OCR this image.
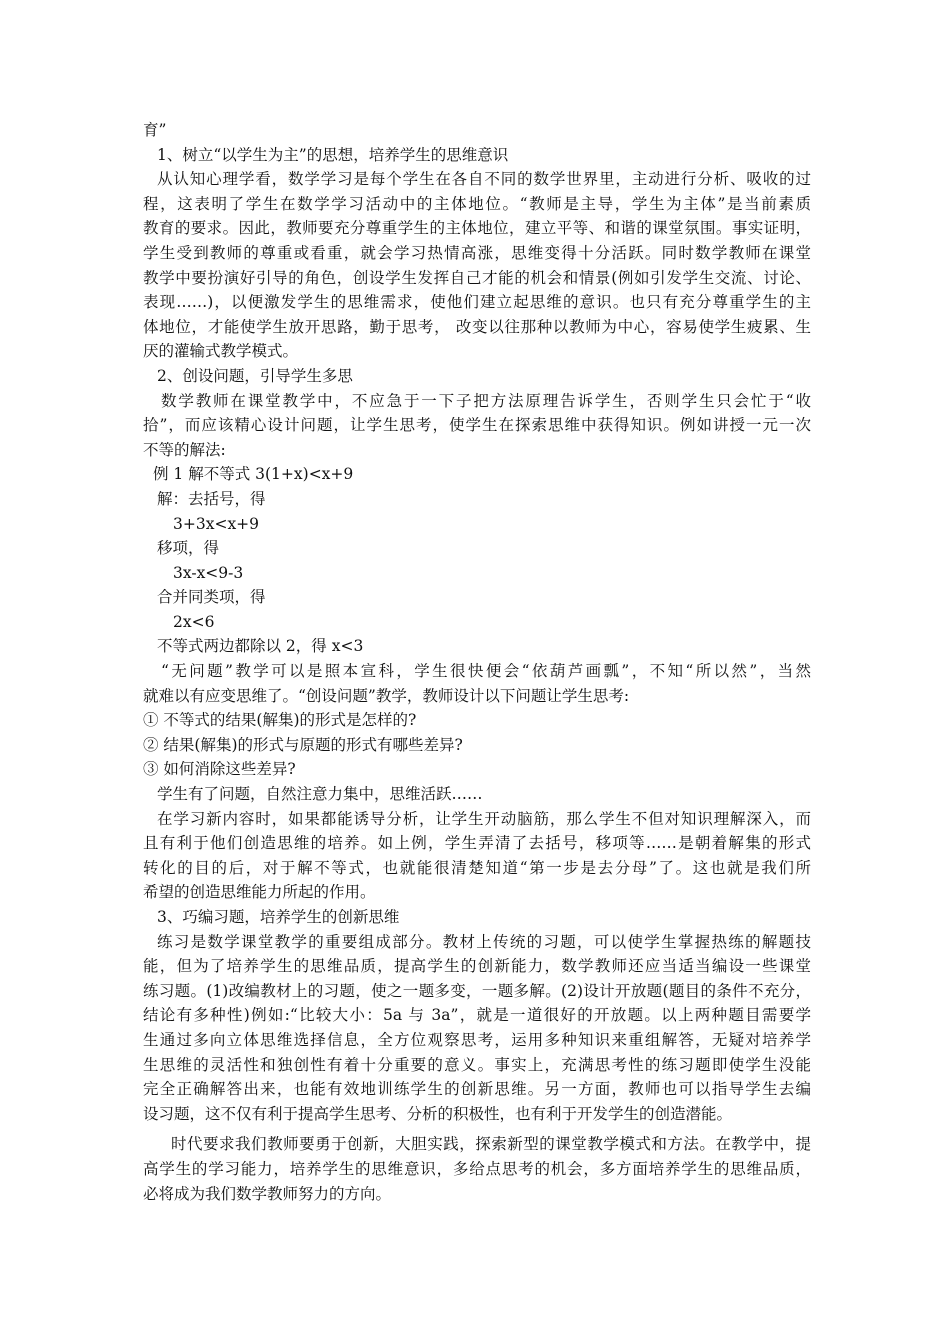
育”
1、树立“以学生为主”的思想，培养学生的思维意识
从认知心理学看，数学学习是每个学生在各自不同的数学世界里，主动进行分析、吸收的过
程，这表明了学生在数学学习活动中的主体地位。“教师是主导，学生为主体”是当前素质
教育的要求。因此，教师要充分尊重学生的主体地位，建立平等、和谐的课堂氛围。事实证明，
学生受到教师的尊重或看重，就会学习热情高涨，思维变得十分活跃。同时数学教师在课堂
教学中要扮演好引导的角色，创设学生发挥自己才能的机会和情景(例如引发学生交流、讨论、
表现……)，以便激发学生的思维需求，使他们建立起思维的意识。也只有充分尊重学生的主
体地位，才能使学生放开思路，勤于思考， 改变以往那种以教师为中心，容易使学生疲累、生
厌的灌输式教学模式。
2、创设问题，引导学生多思
数学教师在课堂教学中，不应急于一下子把方法原理告诉学生，否则学生只会忙于“收
拾”，而应该精心设计问题，让学生思考，使学生在探索思维中获得知识。例如讲授一元一次
不等的解法:
例 1 解不等式 3(1+x)<x+9
解：去括号，得
3+3x<x+9
移项，得
3x-x<9-3
合并同类项，得
2x<6
不等式两边都除以 2，得 x<3
“无问题”教学可以是照本宣科，学生很快便会“依葫芦画瓢”，不知“所以然”，当然
就难以有应变思维了。“创设问题”教学，教师设计以下问题让学生思考:
① 不等式的结果(解集)的形式是怎样的?
② 结果(解集)的形式与原题的形式有哪些差异?
③ 如何消除这些差异?
学生有了问题，自然注意力集中，思维活跃……
在学习新内容时，如果都能诱导分析，让学生开动脑筋，那么学生不但对知识理解深入，而
且有利于他们创造思维的培养。如上例，学生弄清了去括号，移项等……是朝着解集的形式
转化的目的后，对于解不等式，也就能很清楚知道“第一步是去分母”了。这也就是我们所
希望的创造思维能力所起的作用。
3、巧编习题，培养学生的创新思维
练习是数学课堂教学的重要组成部分。教材上传统的习题，可以使学生掌握热练的解题技
能，但为了培养学生的思维品质，提高学生的创新能力，数学教师还应当适当编设一些课堂
练习题。(1)改编教材上的习题，使之一题多变，一题多解。(2)设计开放题(题目的条件不充分，
结论有多种性)例如:“比较大小：5a 与 3a”，就是一道很好的开放题。以上两种题目需要学
生通过多向立体思维选择信息，全方位观察思考，运用多种知识来重组解答，无疑对培养学
生思维的灵活性和独创性有着十分重要的意义。事实上，充满思考性的练习题即使学生没能
完全正确解答出来，也能有效地训练学生的创新思维。另一方面，教师也可以指导学生去编
设习题，这不仅有利于提高学生思考、分析的积极性，也有利于开发学生的创造潜能。
时代要求我们教师要勇于创新，大胆实践，探索新型的课堂教学模式和方法。在教学中，提
高学生的学习能力，培养学生的思维意识，多给点思考的机会，多方面培养学生的思维品质，
必将成为我们数学教师努力的方向。
